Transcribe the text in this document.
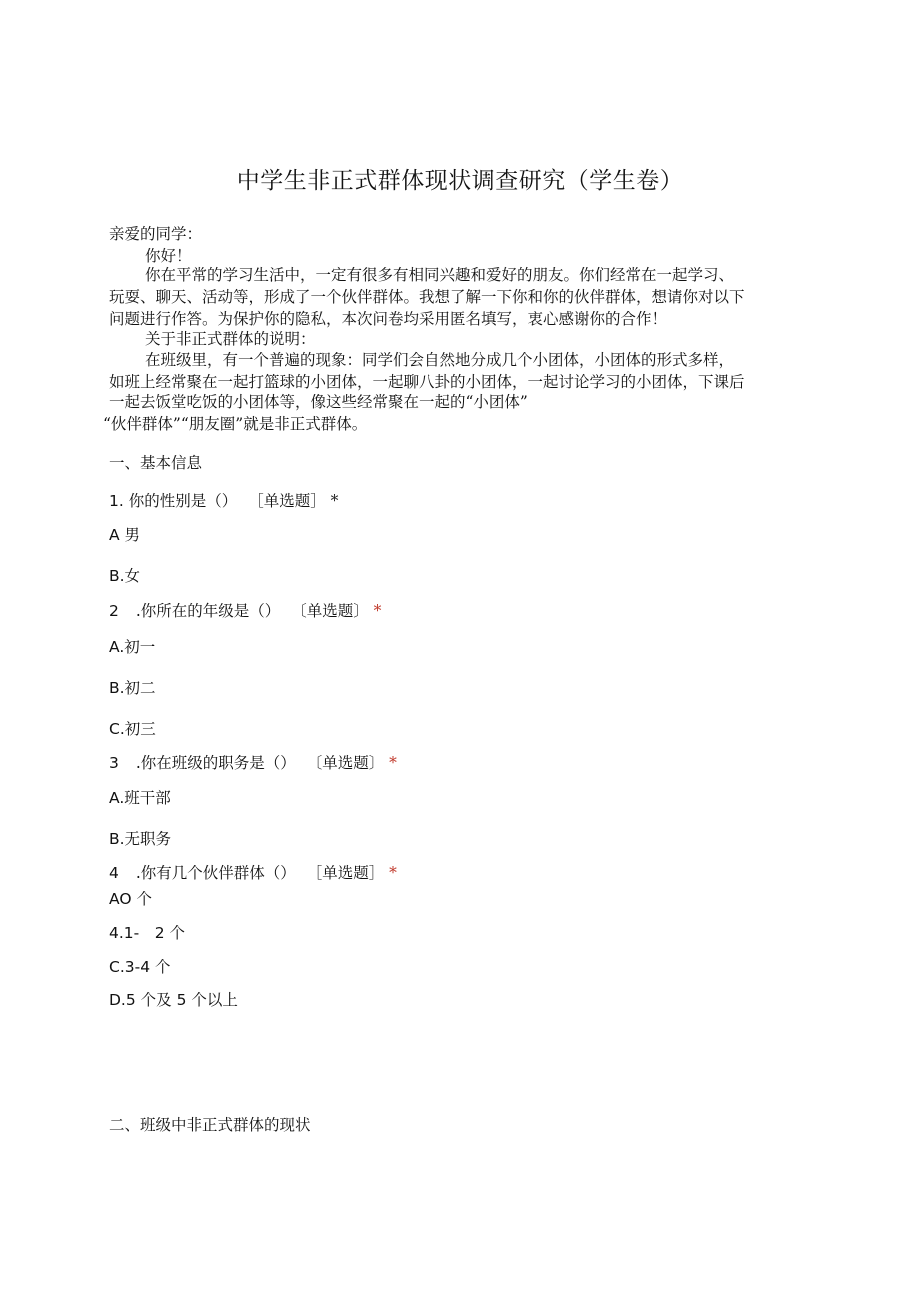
中学生非正式群体现状调查研究（学生卷）
亲爱的同学：
你好！
你在平常的学习生活中，一定有很多有相同兴趣和爱好的朋友。你们经常在一起学习、
玩耍、聊天、活动等，形成了一个伙伴群体。我想了解一下你和你的伙伴群体，想请你对以下
问题进行作答。为保护你的隐私，本次问卷均采用匿名填写，衷心感谢你的合作！
关于非正式群体的说明：
在班级里，有一个普遍的现象：同学们会自然地分成几个小团体，小团体的形式多样，
如班上经常聚在一起打篮球的小团体，一起聊八卦的小团体，一起讨论学习的小团体，下课后
一起去饭堂吃饭的小团体等，像这些经常聚在一起的“小团体”
“伙伴群体”“朋友圈”就是非正式群体。
一、基本信息
1. 你的性别是（） ［单选题］ *
A 男
B.女
2 .你所在的年级是（） 〔单选题〕 *
A.初一
B.初二
C.初三
3 .你在班级的职务是（） 〔单选题〕 *
A.班干部
B.无职务
4 .你有几个伙伴群体（） ［单选题］ *
AO 个
4.1-　2 个
C.3-4 个
D.5 个及 5 个以上
二、班级中非正式群体的现状
